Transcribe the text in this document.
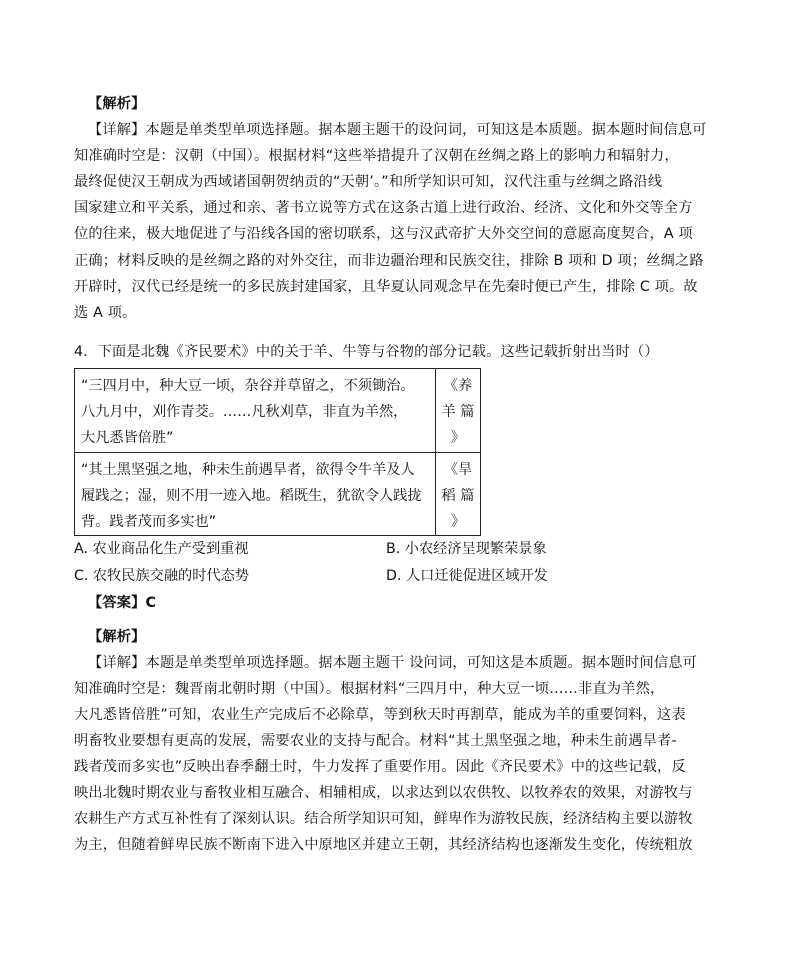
【解析】
【详解】本题是单类型单项选择题。据本题主题干的设问词，可知这是本质题。据本题时间信息可
知准确时空是：汉朝（中国）。根据材料“这些举措提升了汉朝在丝绸之路上的影响力和辐射力，
最终促使汉王朝成为西域诸国朝贺纳贡的“天朝’。”和所学知识可知，汉代注重与丝绸之路沿线
国家建立和平关系，通过和亲、著书立说等方式在这条古道上进行政治、经济、文化和外交等全方
位的往来，极大地促进了与沿线各国的密切联系，这与汉武帝扩大外交空间的意愿高度契合，A 项
正确；材料反映的是丝绸之路的对外交往，而非边疆治理和民族交往，排除 B 项和 D 项；丝绸之路
开辟时，汉代已经是统一的多民族封建国家，且华夏认同观念早在先秦时便已产生，排除 C 项。故
选 A 项。
4．下面是北魏《齐民要术》中的关于羊、牛等与谷物的部分记载。这些记载折射出当时（）
“三四月中，种大豆一顷，杂谷并草留之，不须锄治。
八九月中，刈作青茭。……凡秋刈草，非直为羊然，
大凡悉皆倍胜”	《养
羊 篇
》

“其土黑坚强之地，种未生前遇旱者，欲得令牛羊及人
履践之；湿，则不用一迹入地。稻既生，犹欲令人践拢
背。践者茂而多实也”	《旱
稻 篇
》
A. 农业商品化生产受到重视	B. 小农经济呈现繁荣景象
C. 农牧民族交融的时代态势	D. 人口迁徙促进区域开发
【答案】C
【解析】
【详解】本题是单类型单项选择题。据本题主题干 设问词，可知这是本质题。据本题时间信息可
知准确时空是：魏晋南北朝时期（中国）。根据材料“三四月中，种大豆一顷……非直为羊然，
大凡悉皆倍胜”可知，农业生产完成后不必除草，等到秋天时再割草，能成为羊的重要饲料，这表
明畜牧业要想有更高的发展，需要农业的支持与配合。材料“其土黑坚强之地，种未生前遇旱者-
践者茂而多实也”反映出春季翻土时，牛力发挥了重要作用。因此《齐民要术》中的这些记载，反
映出北魏时期农业与畜牧业相互融合、相辅相成，以求达到以农供牧、以牧养农的效果，对游牧与
农耕生产方式互补性有了深刻认识。结合所学知识可知，鲜卑作为游牧民族，经济结构主要以游牧
为主，但随着鲜卑民族不断南下进入中原地区并建立王朝，其经济结构也逐渐发生变化，传统粗放
